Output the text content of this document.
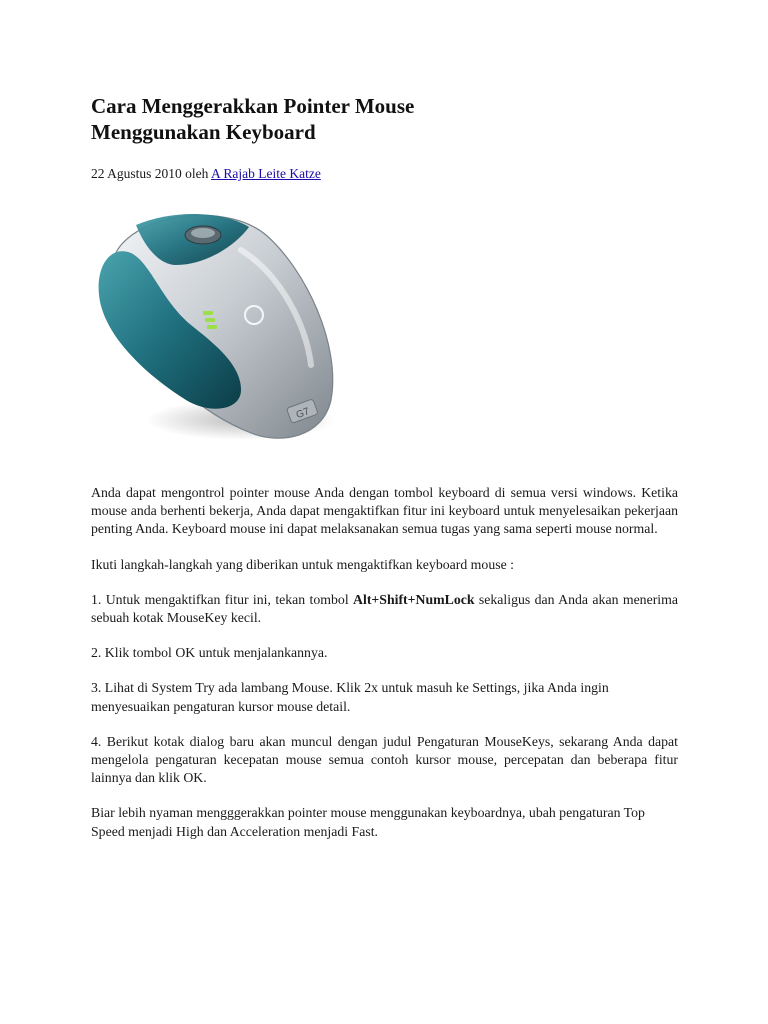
Cara Menggerakkan Pointer Mouse Menggunakan Keyboard
22 Agustus 2010 oleh A Rajab Leite Katze
G7

Anda dapat mengontrol pointer mouse Anda dengan tombol keyboard di semua versi windows. Ketika mouse anda berhenti bekerja, Anda dapat mengaktifkan fitur ini keyboard untuk menyelesaikan pekerjaan penting Anda. Keyboard mouse ini dapat melaksanakan semua tugas yang sama seperti mouse normal.

Ikuti langkah-langkah yang diberikan untuk mengaktifkan keyboard mouse :

1. Untuk mengaktifkan fitur ini, tekan tombol Alt+Shift+NumLock sekaligus dan Anda akan menerima sebuah kotak MouseKey kecil.

2. Klik tombol OK untuk menjalankannya.

3. Lihat di System Try ada lambang Mouse. Klik 2x untuk masuh ke Settings, jika Anda ingin menyesuaikan pengaturan kursor mouse detail.

4. Berikut kotak dialog baru akan muncul dengan judul Pengaturan MouseKeys, sekarang Anda dapat mengelola pengaturan kecepatan mouse semua contoh kursor mouse, percepatan dan beberapa fitur lainnya dan klik OK.

Biar lebih nyaman mengggerakkan pointer mouse menggunakan keyboardnya, ubah pengaturan Top Speed menjadi High dan Acceleration menjadi Fast.
